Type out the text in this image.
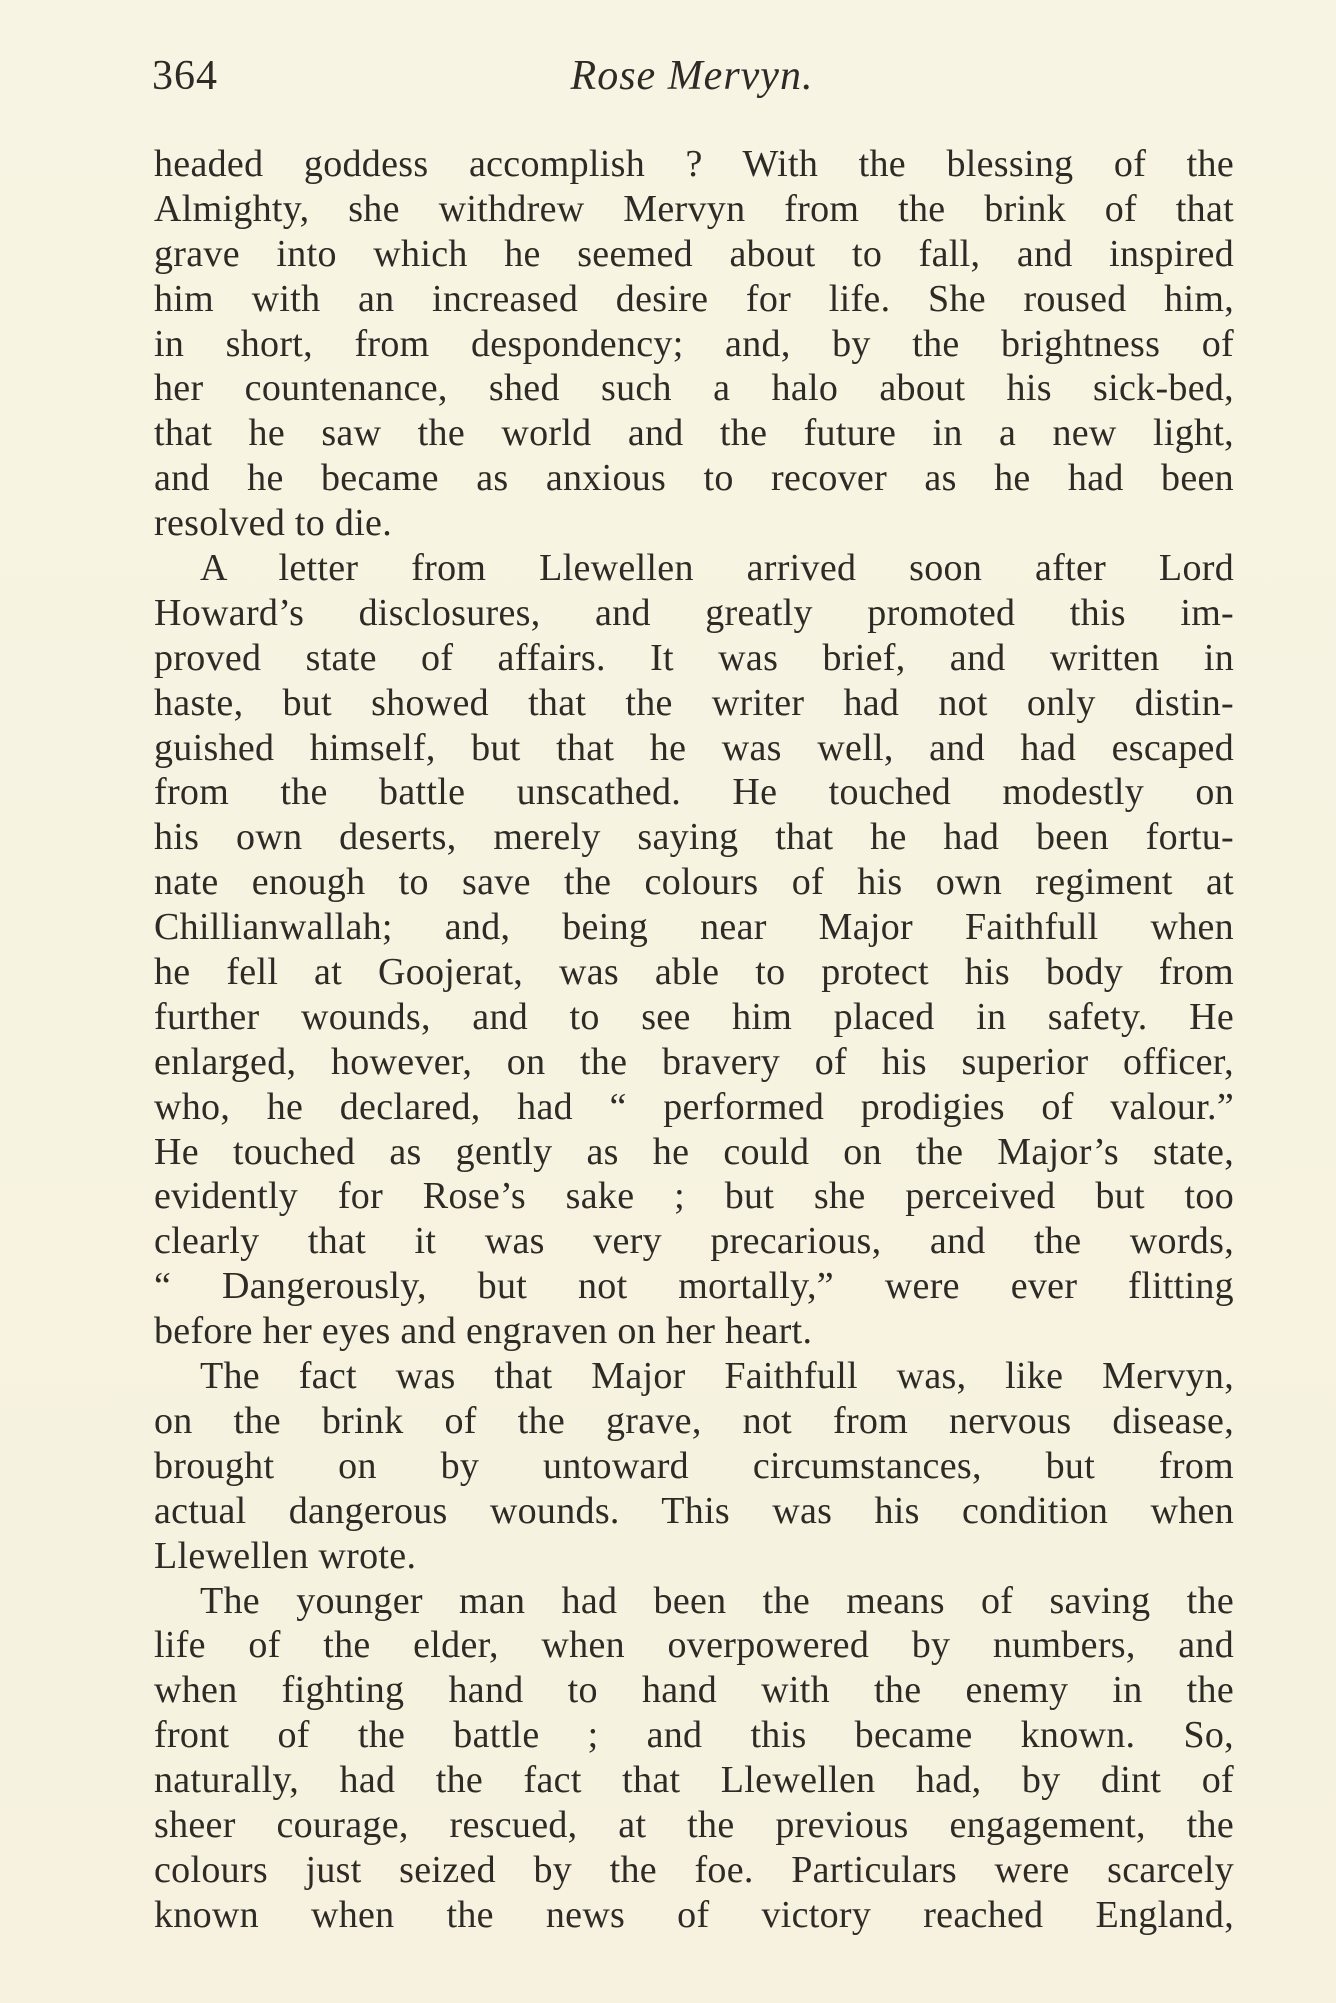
364	Rose Mervyn.
headed goddess accomplish ? With the blessing of the
Almighty, she withdrew Mervyn from the brink of that
grave into which he seemed about to fall, and inspired
him with an increased desire for life. She roused him,
in short, from despondency; and, by the brightness of
her countenance, shed such a halo about his sick-bed,
that he saw the world and the future in a new light,
and he became as anxious to recover as he had been
resolved to die.
A letter from Llewellen arrived soon after Lord
Howard’s disclosures, and greatly promoted this im-
proved state of affairs. It was brief, and written in
haste, but showed that the writer had not only distin-
guished himself, but that he was well, and had escaped
from the battle unscathed. He touched modestly on
his own deserts, merely saying that he had been fortu-
nate enough to save the colours of his own regiment at
Chillianwallah; and, being near Major Faithfull when
he fell at Goojerat, was able to protect his body from
further wounds, and to see him placed in safety. He
enlarged, however, on the bravery of his superior officer,
who, he declared, had “ performed prodigies of valour.”
He touched as gently as he could on the Major’s state,
evidently for Rose’s sake ; but she perceived but too
clearly that it was very precarious, and the words,
“ Dangerously, but not mortally,” were ever flitting
before her eyes and engraven on her heart.
The fact was that Major Faithfull was, like Mervyn,
on the brink of the grave, not from nervous disease,
brought on by untoward circumstances, but from
actual dangerous wounds. This was his condition when
Llewellen wrote.
The younger man had been the means of saving the
life of the elder, when overpowered by numbers, and
when fighting hand to hand with the enemy in the
front of the battle ; and this became known. So,
naturally, had the fact that Llewellen had, by dint of
sheer courage, rescued, at the previous engagement, the
colours just seized by the foe. Particulars were scarcely
known when the news of victory reached England,
